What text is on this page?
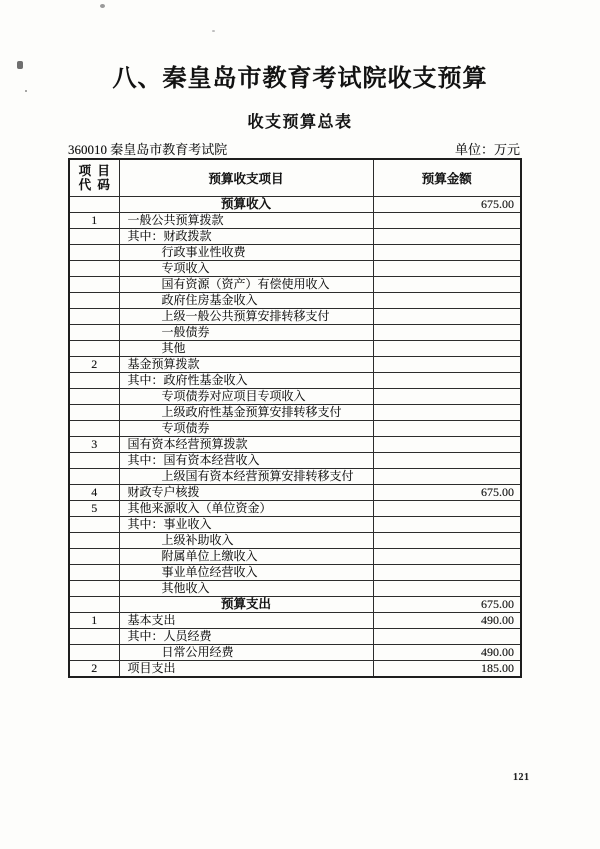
八、秦皇岛市教育考试院收支预算
收支预算总表
360010 秦皇岛市教育考试院	单位：万元
项  目
代  码	预算收支项目	预算金额
	预算收入	675.00
1	一般公共预算拨款	
	其中：财政拨款	
	行政事业性收费	
	专项收入	
	国有资源（资产）有偿使用收入	
	政府住房基金收入	
	上级一般公共预算安排转移支付	
	一般债券	
	其他	
2	基金预算拨款	
	其中：政府性基金收入	
	专项债券对应项目专项收入	
	上级政府性基金预算安排转移支付	
	专项债券	
3	国有资本经营预算拨款	
	其中：国有资本经营收入	
	上级国有资本经营预算安排转移支付	
4	财政专户核拨	675.00
5	其他来源收入（单位资金）	
	其中：事业收入	
	上级补助收入	
	附属单位上缴收入	
	事业单位经营收入	
	其他收入	
	预算支出	675.00
1	基本支出	490.00
	其中：人员经费	
	日常公用经费	490.00
2	项目支出	185.00
121
